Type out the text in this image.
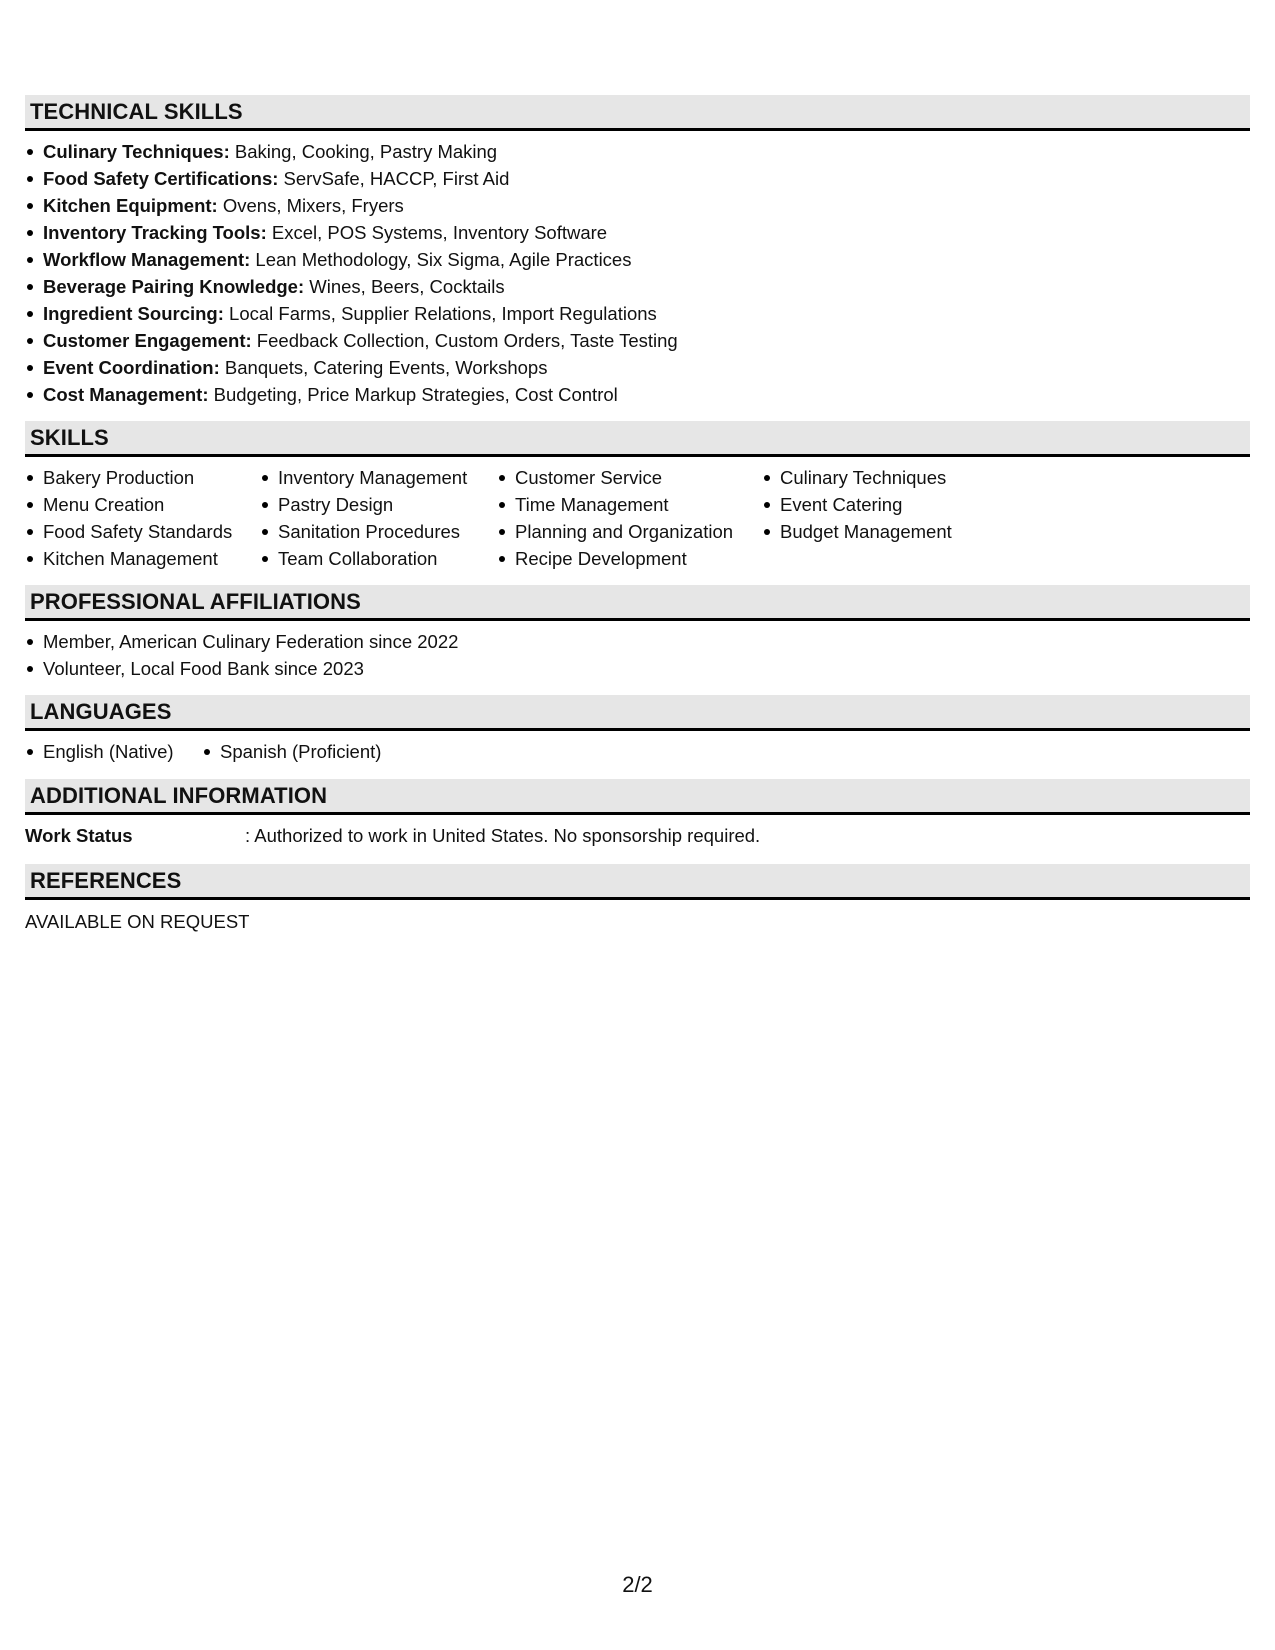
TECHNICAL SKILLS
Culinary Techniques: Baking, Cooking, Pastry Making
Food Safety Certifications: ServSafe, HACCP, First Aid
Kitchen Equipment: Ovens, Mixers, Fryers
Inventory Tracking Tools: Excel, POS Systems, Inventory Software
Workflow Management: Lean Methodology, Six Sigma, Agile Practices
Beverage Pairing Knowledge: Wines, Beers, Cocktails
Ingredient Sourcing: Local Farms, Supplier Relations, Import Regulations
Customer Engagement: Feedback Collection, Custom Orders, Taste Testing
Event Coordination: Banquets, Catering Events, Workshops
Cost Management: Budgeting, Price Markup Strategies, Cost Control
SKILLS
Bakery Production
Menu Creation
Food Safety Standards
Kitchen Management
Inventory Management
Pastry Design
Sanitation Procedures
Team Collaboration
Customer Service
Time Management
Planning and Organization
Recipe Development
Culinary Techniques
Event Catering
Budget Management
PROFESSIONAL AFFILIATIONS
Member, American Culinary Federation since 2022
Volunteer, Local Food Bank since 2023
LANGUAGES
English (Native)	Spanish (Proficient)
ADDITIONAL INFORMATION
Work Status	: Authorized to work in United States. No sponsorship required.
REFERENCES
AVAILABLE ON REQUEST
2/2
